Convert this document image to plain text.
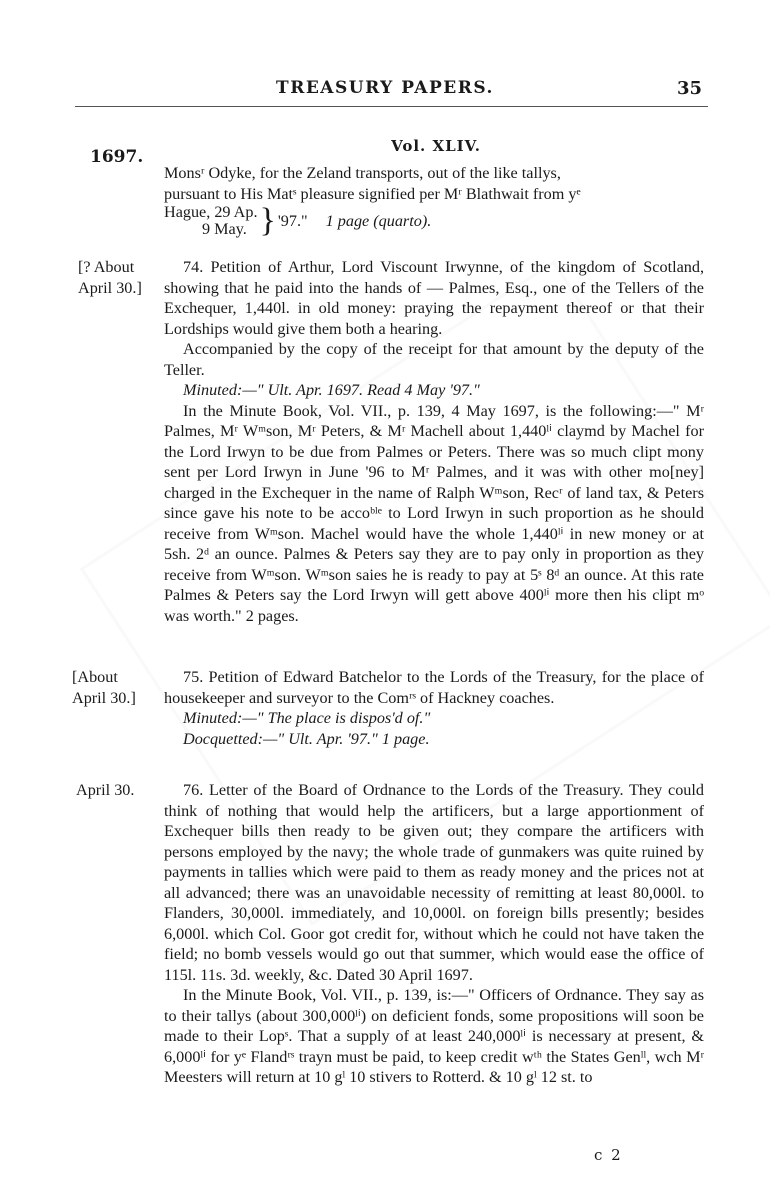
TREASURY PAPERS.	35
1697.
Vol. XLIV.

Monsʳ Odyke, for the Zeland transports, out of the like tallys,

pursuant to His Matˢ pleasure signified per Mʳ Blathwait from yᵉ

Hague, 29 Ap.
9 May. } '97." 1 page (quarto).
[? About
April 30.]

74. Petition of Arthur, Lord Viscount Irwynne, of the kingdom of Scotland, showing that he paid into the hands of — Palmes, Esq., one of the Tellers of the Exchequer, 1,440l. in old money: praying the repayment thereof or that their Lordships would give them both a hearing.

Accompanied by the copy of the receipt for that amount by the deputy of the Teller.

Minuted:—" Ult. Apr. 1697. Read 4 May '97."

In the Minute Book, Vol. VII., p. 139, 4 May 1697, is the following:—" Mʳ Palmes, Mʳ Wᵐson, Mʳ Peters, & Mʳ Machell about 1,440ˡⁱ claymd by Machel for the Lord Irwyn to be due from Palmes or Peters. There was so much clipt mony sent per Lord Irwyn in June '96 to Mʳ Palmes, and it was with other mo[ney] charged in the Exchequer in the name of Ralph Wᵐson, Recʳ of land tax, & Peters since gave his note to be accoᵇˡᵉ to Lord Irwyn in such proportion as he should receive from Wᵐson. Machel would have the whole 1,440ˡⁱ in new money or at 5sh. 2ᵈ an ounce. Palmes & Peters say they are to pay only in proportion as they receive from Wᵐson. Wᵐson saies he is ready to pay at 5ˢ 8ᵈ an ounce. At this rate Palmes & Peters say the Lord Irwyn will gett above 400ˡⁱ more then his clipt mᵒ was worth." 2 pages.

[About
April 30.]

75. Petition of Edward Batchelor to the Lords of the Treasury, for the place of housekeeper and surveyor to the Comʳˢ of Hackney coaches.

Minuted:—" The place is dispos'd of."

Docquetted:—" Ult. Apr. '97." 1 page.

April 30.	76. Letter of the Board of Ordnance to the Lords of the Treasury. They could think of nothing that would help the artificers, but a large apportionment of Exchequer bills then ready to be given out; they compare the artificers with persons employed by the navy; the whole trade of gunmakers was quite ruined by payments in tallies which were paid to them as ready money and the prices not at all advanced; there was an unavoidable necessity of remitting at least 80,000l. to Flanders, 30,000l. immediately, and 10,000l. on foreign bills presently; besides 6,000l. which Col. Goor got credit for, without which he could not have taken the field; no bomb vessels would go out that summer, which would ease the office of 115l. 11s. 3d. weekly, &c. Dated 30 April 1697.

In the Minute Book, Vol. VII., p. 139, is:—" Officers of Ordnance. They say as to their tallys (about 300,000ˡⁱ) on deficient fonds, some propositions will soon be made to their Lopˢ. That a supply of at least 240,000ˡⁱ is necessary at present, & 6,000ˡⁱ for yᵉ Flandʳˢ trayn must be paid, to keep credit wᵗʰ the States Genˡˡ, wch Mʳ Meesters will return at 10 gˡ 10 stivers to Rotterd. & 10 gˡ 12 st. to

c 2
